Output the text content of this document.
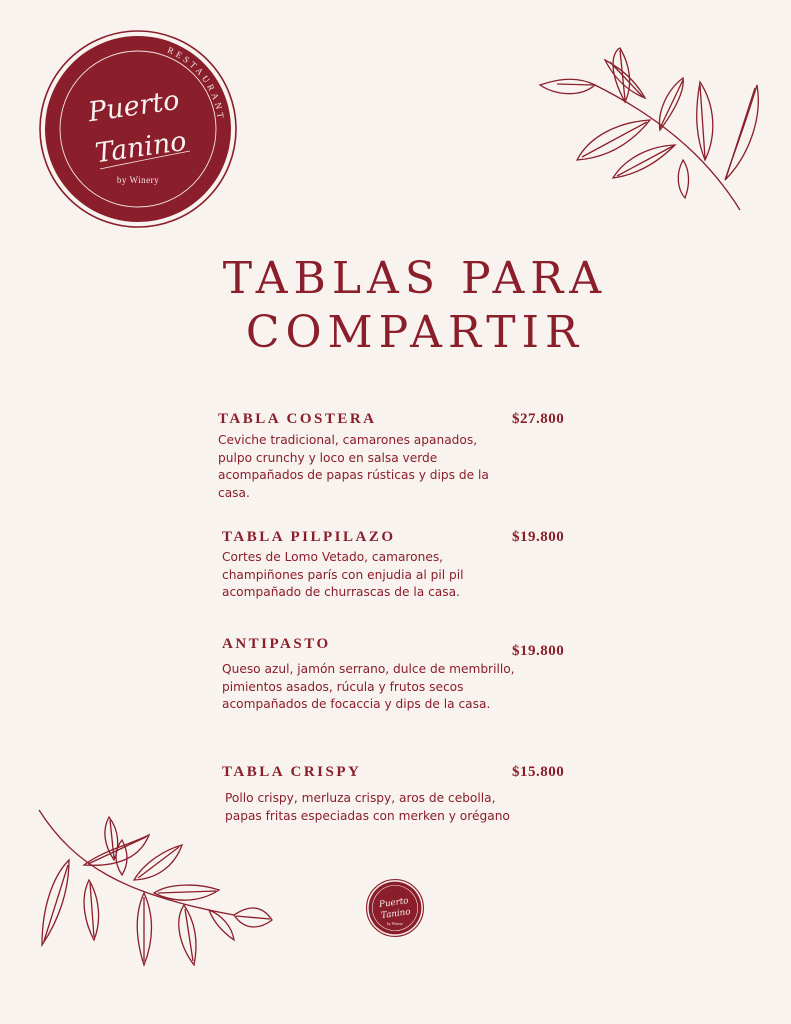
RESTAURANT
Puerto
Tanino
by Winery
TABLAS PARA
COMPARTIR
TABLA COSTERA	$27.800
Ceviche tradicional, camarones apanados, pulpo crunchy y loco en salsa verde acompañados de papas rústicas y dips de la casa.
TABLA PILPILAZO	$19.800
Cortes de Lomo Vetado, camarones, champiñones parís con enjudia al pil pil acompañado de churrascas de la casa.
ANTIPASTO	$19.800
Queso azul, jamón serrano, dulce de membrillo, pimientos asados, rúcula y frutos secos acompañados de focaccia y dips de la casa.
TABLA CRISPY	$15.800
Pollo crispy, merluza crispy, aros de cebolla, papas fritas especiadas con merken y orégano
Puerto
Tanino
by Winery
